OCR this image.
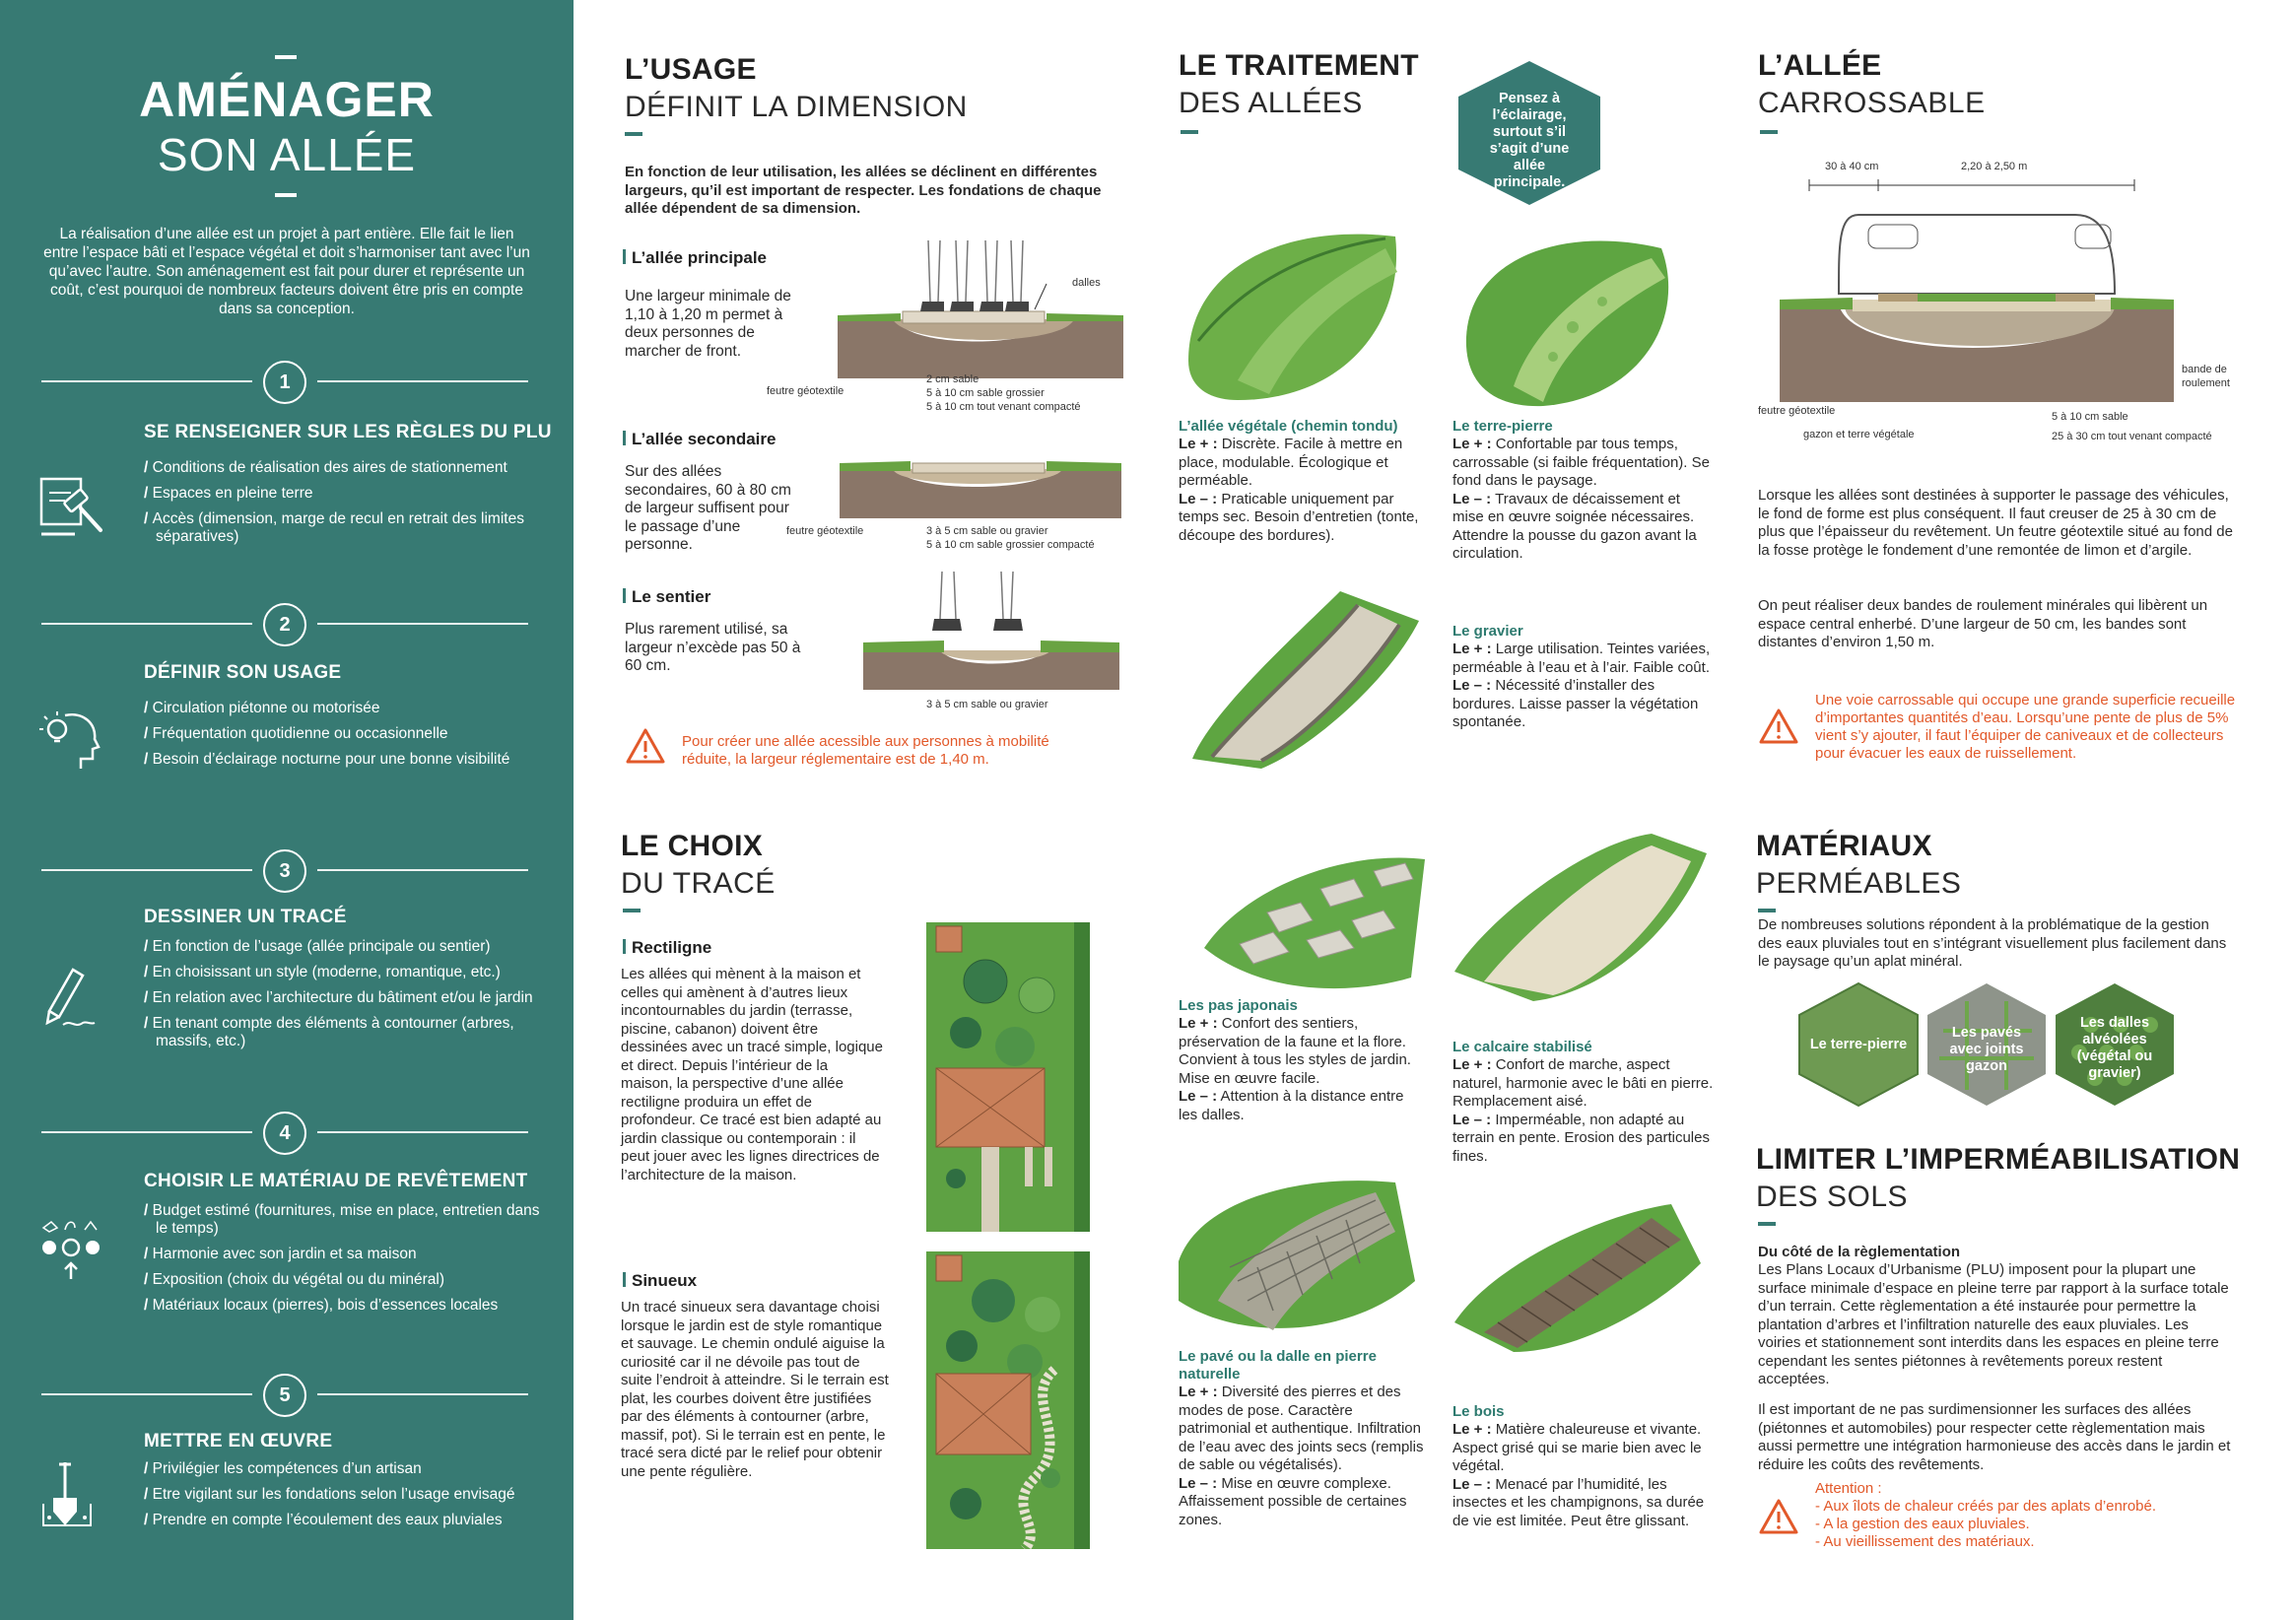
AMÉNAGER
SON ALLÉE
La réalisation d’une allée est un projet à part entière. Elle fait le lien entre l’espace bâti et l’espace végétal et doit s’harmoniser tant avec l’un qu’avec l’autre. Son aménagement est fait pour durer et représente un coût, c’est pourquoi de nombreux facteurs doivent être pris en compte dans sa conception.
1
SE RENSEIGNER SUR LES RÈGLES DU PLU
/ Conditions de réalisation des aires de stationnement
/ Espaces en pleine terre
/ Accès (dimension, marge de recul en retrait des limites séparatives)
2
DÉFINIR SON USAGE
/ Circulation piétonne ou motorisée
/ Fréquentation quotidienne ou occasionnelle
/ Besoin d’éclairage nocturne pour une bonne visibilité
3
DESSINER UN TRACÉ
/ En fonction de l’usage (allée principale ou sentier)
/ En choisissant un style (moderne, romantique, etc.)
/ En relation avec l’architecture du bâtiment et/ou le jardin
/ En tenant compte des éléments à contourner (arbres, massifs, etc.)
4
CHOISIR LE MATÉRIAU DE REVÊTEMENT
/ Budget estimé (fournitures, mise en place, entretien dans le temps)
/ Harmonie avec son jardin et sa maison
/ Exposition (choix du végétal ou du minéral)
/ Matériaux locaux (pierres), bois d’essences locales
5
METTRE EN ŒUVRE
/ Privilégier les compétences d’un artisan
/ Etre vigilant sur les fondations selon l’usage envisagé
/ Prendre en compte l’écoulement des eaux pluviales
L’USAGE
DÉFINIT LA DIMENSION
En fonction de leur utilisation, les allées se déclinent en différentes largeurs, qu’il est important de respecter. Les fondations de chaque allée dépendent de sa dimension.
L’allée principale
Une largeur minimale de 1,10 à 1,20 m permet à deux personnes de marcher de front.
dalles
feutre géotextile
2 cm sable
5 à 10 cm sable grossier
5 à 10 cm tout venant compacté
L’allée secondaire
Sur des allées secondaires, 60 à 80 cm de largeur suffisent pour le passage d’une personne.
feutre géotextile	3 à 5 cm sable ou gravier
5 à 10 cm sable grossier compacté
Le sentier
Plus rarement utilisé, sa largeur n’excède pas 50 à 60 cm.
3 à 5 cm sable ou gravier
Pour créer une allée acessible aux personnes à mobilité réduite, la largeur réglementaire est de 1,40 m.
LE CHOIX
DU TRACÉ
Rectiligne
Les allées qui mènent à la maison et celles qui amènent à d’autres lieux incontournables du jardin (terrasse, piscine, cabanon) doivent être dessinées avec un tracé simple, logique et direct. Depuis l’intérieur de la maison, la perspective d’une allée rectiligne produira un effet de profondeur. Ce tracé est bien adapté au jardin classique ou contemporain : il peut jouer avec les lignes directrices de l’architecture de la maison.
Sinueux
Un tracé sinueux sera davantage choisi lorsque le jardin est de style romantique et sauvage. Le chemin ondulé aiguise la curiosité car il ne dévoile pas tout de suite l’endroit à atteindre. Si le terrain est plat, les courbes doivent être justifiées par des éléments à contourner (arbre, massif, pot). Si le terrain est en pente, le tracé sera dicté par le relief pour obtenir une pente régulière.
LE TRAITEMENT
DES ALLÉES	Pensez à l’éclairage, surtout s’il s’agit d’une allée principale.
L’allée végétale (chemin tondu)
Le + : Discrète. Facile à mettre en place, modulable. Écologique et perméable.
Le – : Praticable uniquement par temps sec. Besoin d’entretien (tonte, découpe des bordures).
Le terre-pierre
Le + : Confortable par tous temps, carrossable (si faible fréquentation). Se fond dans le paysage.
Le – : Travaux de décaissement et mise en œuvre soignée nécessaires. Attendre la pousse du gazon avant la circulation.
Le gravier
Le + : Large utilisation. Teintes variées, perméable à l’eau et à l’air. Faible coût.
Le – : Nécessité d’installer des bordures. Laisse passer la végétation spontanée.
Les pas japonais
Le + : Confort des sentiers, préservation de la faune et la flore. Convient à tous les styles de jardin. Mise en œuvre facile.
Le – : Attention à la distance entre les dalles.
Le calcaire stabilisé
Le + : Confort de marche, aspect naturel, harmonie avec le bâti en pierre. Remplacement aisé.
Le – : Imperméable, non adapté au terrain en pente. Erosion des particules fines.
Le pavé ou la dalle en pierre naturelle
Le + : Diversité des pierres et des modes de pose. Caractère patrimonial et authentique. Infiltration de l’eau avec des joints secs (remplis de sable ou végétalisés).
Le – : Mise en œuvre complexe. Affaissement possible de certaines zones.
Le bois
Le + : Matière chaleureuse et vivante. Aspect grisé qui se marie bien avec le végétal.
Le – : Menacé par l’humidité, les insectes et les champignons, sa durée de vie est limitée. Peut être glissant.
L’ALLÉE
CARROSSABLE
30 à 40 cm	2,20 à 2,50 m
bande de roulement
feutre géotextile
gazon et terre végétale
5 à 10 cm sable
25 à 30 cm tout venant compacté
Lorsque les allées sont destinées à supporter le passage des véhicules, le fond de forme est plus conséquent. Il faut creuser de 25 à 30 cm de plus que l’épaisseur du revêtement. Un feutre géotextile situé au fond de la fosse protège le fondement d’une remontée de limon et d’argile.
On peut réaliser deux bandes de roulement minérales qui libèrent un espace central enherbé. D’une largeur de 50 cm, les bandes sont distantes d’environ 1,50 m.
Une voie carrossable qui occupe une grande superficie recueille d’importantes quantités d’eau. Lorsqu’une pente de plus de 5% vient s’y ajouter, il faut l’équiper de caniveaux et de collecteurs pour évacuer les eaux de ruissellement.
MATÉRIAUX
PERMÉABLES
De nombreuses solutions répondent à la problématique de la gestion des eaux pluviales tout en s’intégrant visuellement plus facilement dans le paysage qu’un aplat minéral.
Le terre-pierre
Les pavés avec joints gazon
Les dalles alvéolées (végétal ou gravier)
LIMITER L’IMPERMÉABILISATION
DES SOLS
Du côté de la règlementation
Les Plans Locaux d’Urbanisme (PLU) imposent pour la plupart une surface minimale d’espace en pleine terre par rapport à la surface totale d’un terrain. Cette règlementation a été instaurée pour permettre la plantation d’arbres et l’infiltration naturelle des eaux pluviales. Les voiries et stationnement sont interdits dans les espaces en pleine terre cependant les sentes piétonnes à revêtements poreux restent acceptées.
Il est important de ne pas surdimensionner les surfaces des allées (piétonnes et automobiles) pour respecter cette règlementation mais aussi permettre une intégration harmonieuse des accès dans le jardin et réduire les coûts des revêtements.
Attention :
- Aux îlots de chaleur créés par des aplats d’enrobé.
- A la gestion des eaux pluviales.
- Au vieillissement des matériaux.
